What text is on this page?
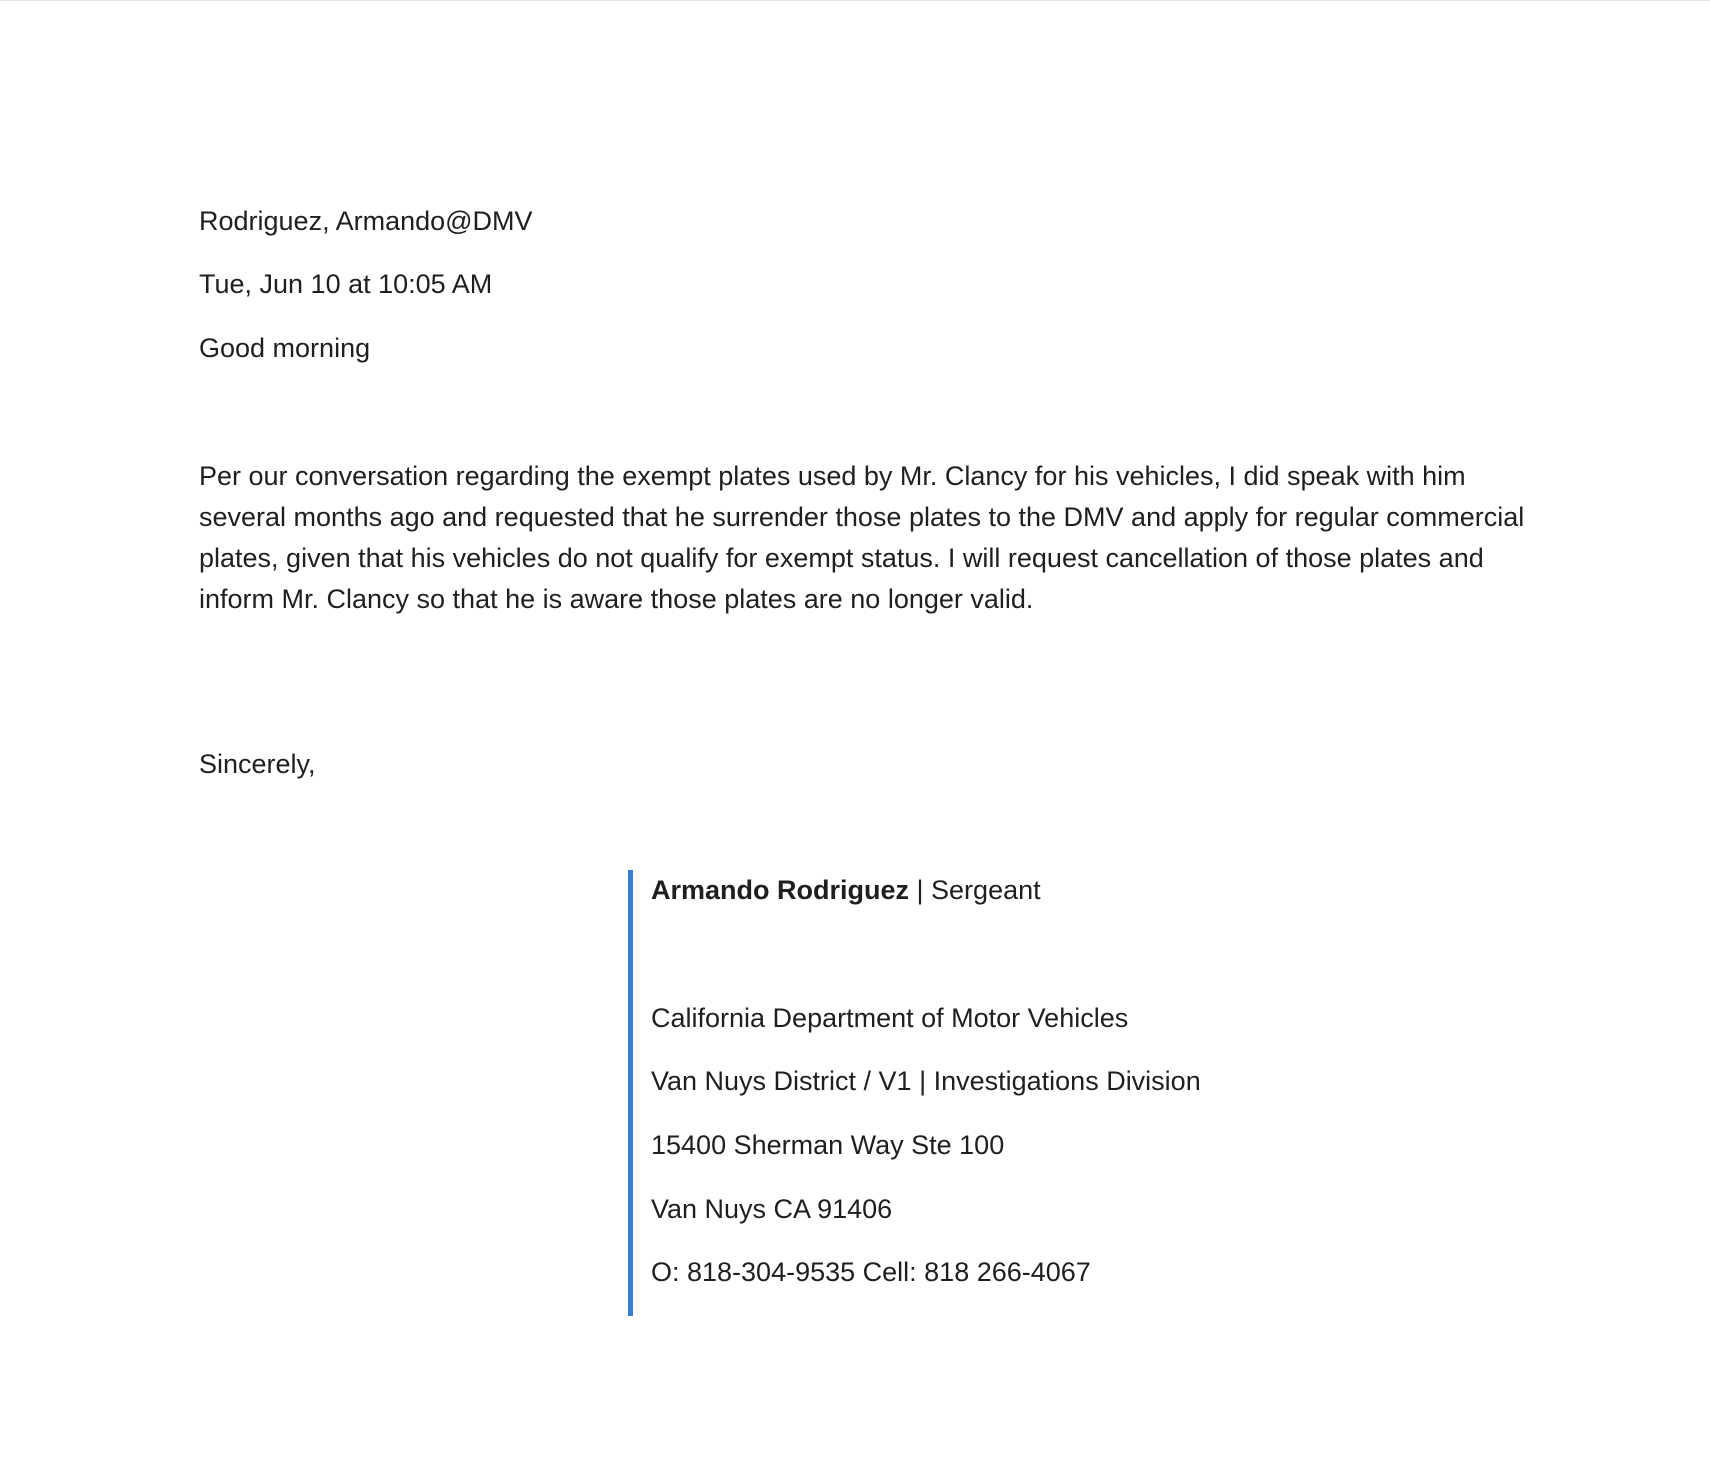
Rodriguez, Armando@DMV
Tue, Jun 10 at 10:05 AM
Good morning
Per our conversation regarding the exempt plates used by Mr. Clancy for his vehicles, I did speak with him several months ago and requested that he surrender those plates to the DMV and apply for regular commercial plates, given that his vehicles do not qualify for exempt status. I will request cancellation of those plates and inform Mr. Clancy so that he is aware those plates are no longer valid.
Sincerely,
Armando Rodriguez | Sergeant
California Department of Motor Vehicles
Van Nuys District / V1 | Investigations Division
15400 Sherman Way Ste 100
Van Nuys CA 91406
O: 818-304-9535 Cell: 818 266-4067
